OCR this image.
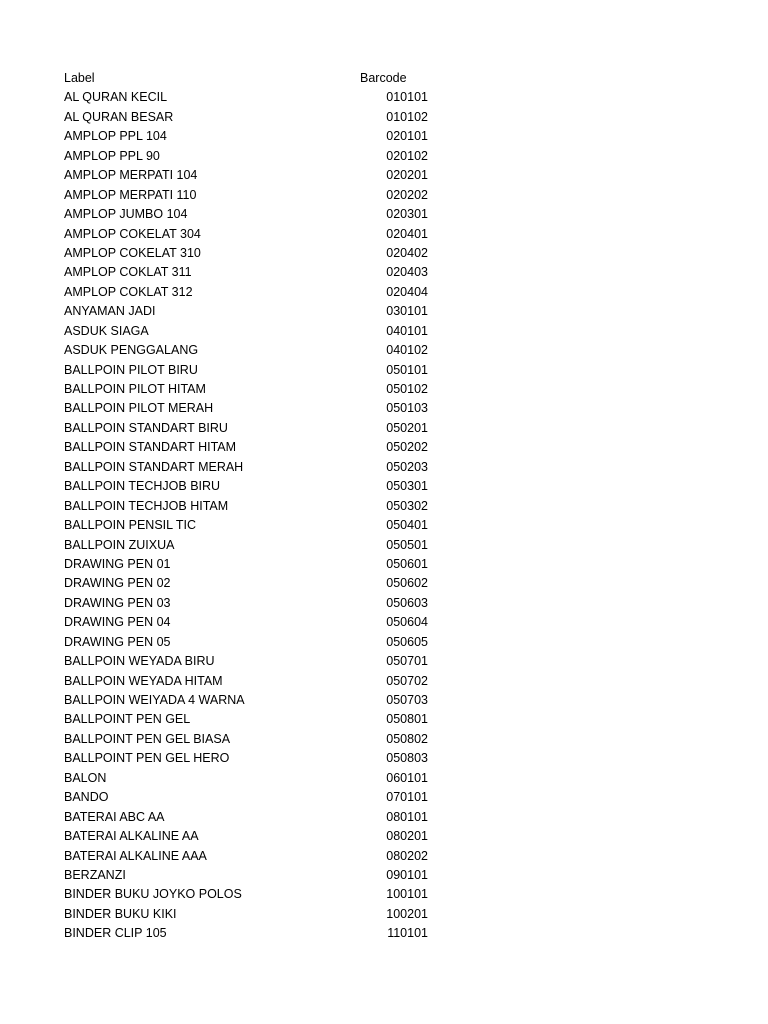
Label	Barcode
AL QURAN KECIL	010101
AL QURAN BESAR	010102
AMPLOP PPL 104	020101
AMPLOP PPL 90	020102
AMPLOP MERPATI 104	020201
AMPLOP MERPATI 110	020202
AMPLOP JUMBO 104	020301
AMPLOP COKELAT 304	020401
AMPLOP COKELAT 310	020402
AMPLOP COKLAT 311	020403
AMPLOP COKLAT 312	020404
ANYAMAN JADI	030101
ASDUK SIAGA	040101
ASDUK PENGGALANG	040102
BALLPOIN PILOT BIRU	050101
BALLPOIN PILOT HITAM	050102
BALLPOIN PILOT MERAH	050103
BALLPOIN STANDART BIRU	050201
BALLPOIN STANDART HITAM	050202
BALLPOIN STANDART MERAH	050203
BALLPOIN TECHJOB BIRU	050301
BALLPOIN TECHJOB HITAM	050302
BALLPOIN PENSIL TIC	050401
BALLPOIN ZUIXUA	050501
DRAWING PEN 01	050601
DRAWING PEN 02	050602
DRAWING PEN 03	050603
DRAWING PEN 04	050604
DRAWING PEN 05	050605
BALLPOIN WEYADA BIRU	050701
BALLPOIN WEYADA HITAM	050702
BALLPOIN WEIYADA 4 WARNA	050703
BALLPOINT PEN GEL	050801
BALLPOINT PEN GEL BIASA	050802
BALLPOINT PEN GEL HERO	050803
BALON	060101
BANDO	070101
BATERAI ABC AA	080101
BATERAI ALKALINE AA	080201
BATERAI ALKALINE AAA	080202
BERZANZI	090101
BINDER BUKU JOYKO POLOS	100101
BINDER BUKU KIKI	100201
BINDER CLIP 105	110101
